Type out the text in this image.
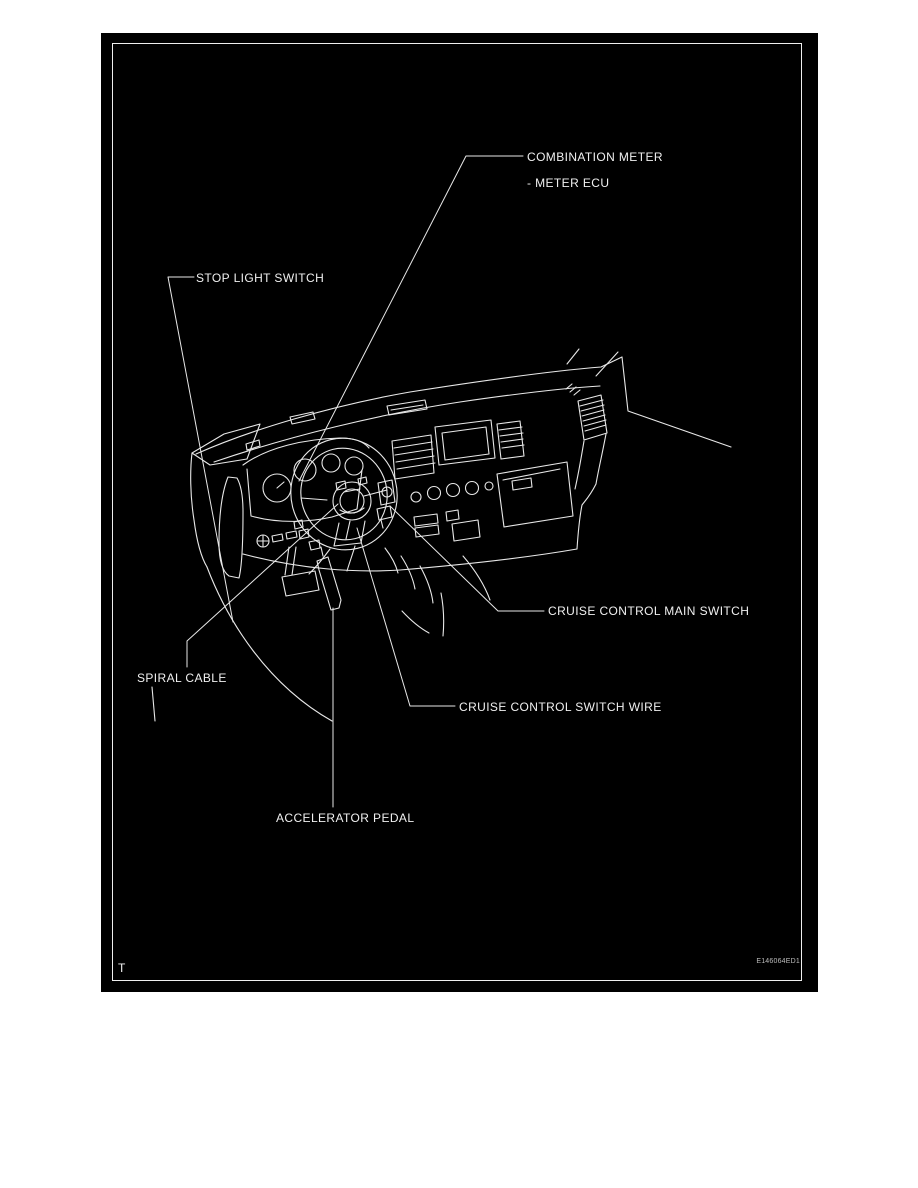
COMBINATION METER
- METER ECU
STOP LIGHT SWITCH
CRUISE CONTROL MAIN SWITCH
SPIRAL CABLE
CRUISE CONTROL SWITCH WIRE
ACCELERATOR PEDAL
T	E146064ED1
